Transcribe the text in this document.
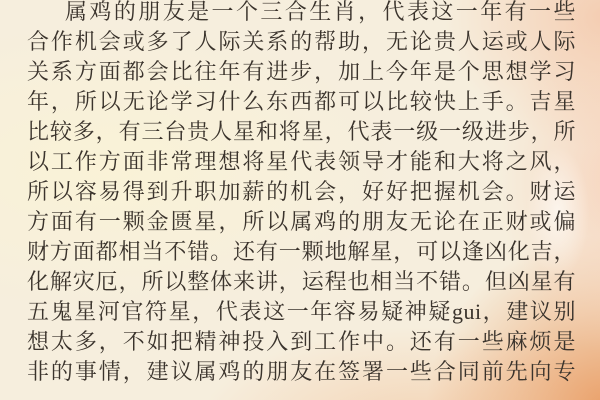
属鸡的朋友是一个三合生肖，代表这一年有一些
合作机会或多了人际关系的帮助，无论贵人运或人际
关系方面都会比往年有进步，加上今年是个思想学习
年，所以无论学习什么东西都可以比较快上手。吉星
比较多，有三台贵人星和将星，代表一级一级进步，所
以工作方面非常理想将星代表领导才能和大将之风，
所以容易得到升职加薪的机会，好好把握机会。财运
方面有一颗金匮星，所以属鸡的朋友无论在正财或偏
财方面都相当不错。还有一颗地解星，可以逢凶化吉，
化解灾厄，所以整体来讲，运程也相当不错。但凶星有
五鬼星河官符星，代表这一年容易疑神疑gui，建议别
想太多，不如把精神投入到工作中。还有一些麻烦是
非的事情，建议属鸡的朋友在签署一些合同前先向专
